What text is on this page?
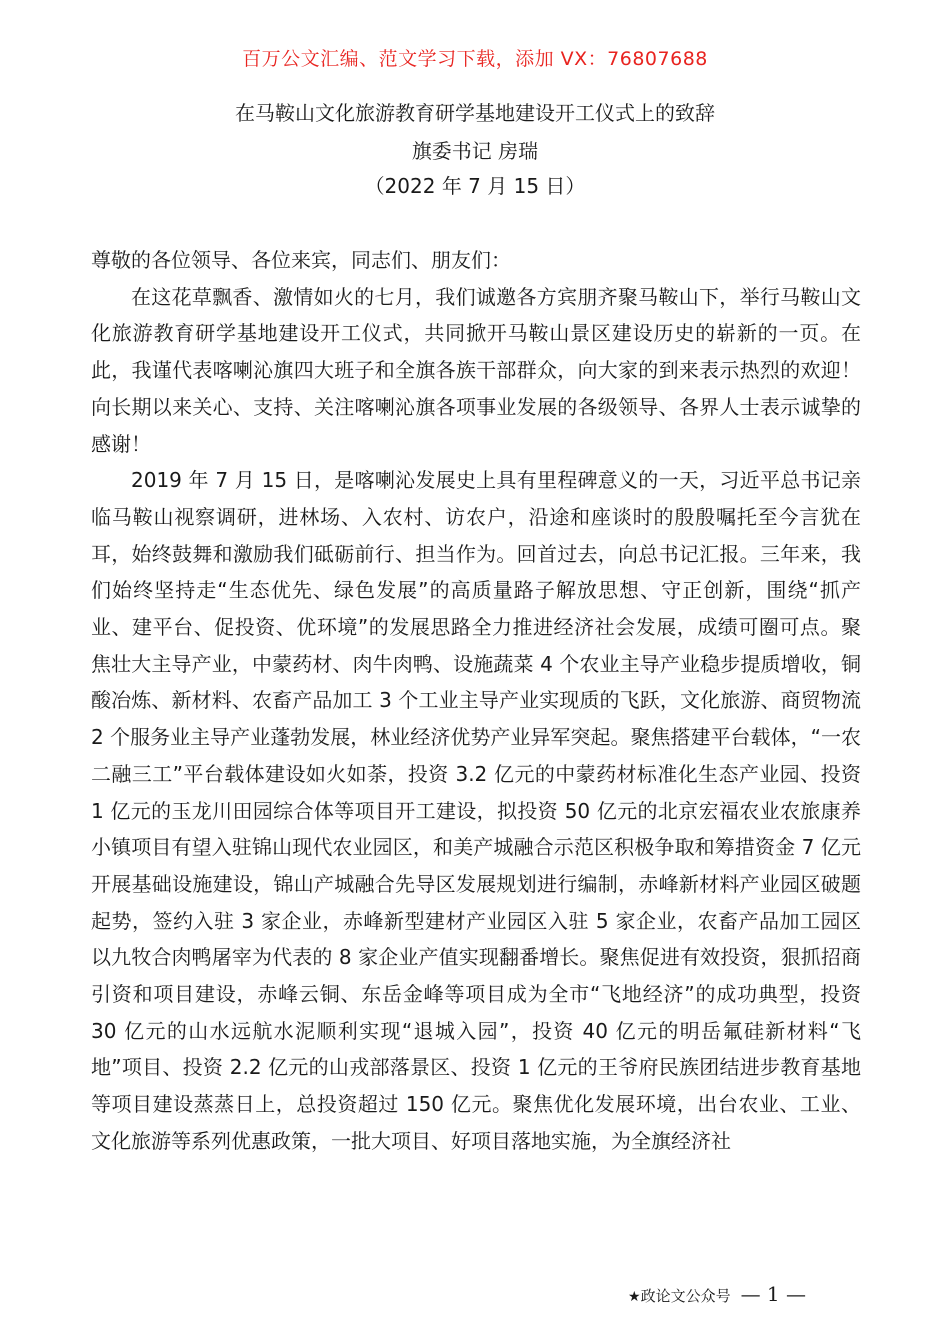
百万公文汇编、范文学习下载，添加 VX：76807688
在马鞍山文化旅游教育研学基地建设开工仪式上的致辞
旗委书记 房瑞
（2022 年 7 月 15 日）

尊敬的各位领导、各位来宾，同志们、朋友们：

在这花草飘香、激情如火的七月，我们诚邀各方宾朋齐聚马鞍山下，举行马鞍山文化旅游教育研学基地建设开工仪式，共同掀开马鞍山景区建设历史的崭新的一页。在此，我谨代表喀喇沁旗四大班子和全旗各族干部群众，向大家的到来表示热烈的欢迎！向长期以来关心、支持、关注喀喇沁旗各项事业发展的各级领导、各界人士表示诚挚的感谢！

2019 年 7 月 15 日，是喀喇沁发展史上具有里程碑意义的一天，习近平总书记亲临马鞍山视察调研，进林场、入农村、访农户，沿途和座谈时的殷殷嘱托至今言犹在耳，始终鼓舞和激励我们砥砺前行、担当作为。回首过去，向总书记汇报。三年来，我们始终坚持走“生态优先、绿色发展”的高质量路子解放思想、守正创新，围绕“抓产业、建平台、促投资、优环境”的发展思路全力推进经济社会发展，成绩可圈可点。聚焦壮大主导产业，中蒙药材、肉牛肉鸭、设施蔬菜 4 个农业主导产业稳步提质增收，铜酸冶炼、新材料、农畜产品加工 3 个工业主导产业实现质的飞跃，文化旅游、商贸物流 2 个服务业主导产业蓬勃发展，林业经济优势产业异军突起。聚焦搭建平台载体，“一农二融三工”平台载体建设如火如荼，投资 3.2 亿元的中蒙药材标准化生态产业园、投资 1 亿元的玉龙川田园综合体等项目开工建设，拟投资 50 亿元的北京宏福农业农旅康养小镇项目有望入驻锦山现代农业园区，和美产城融合示范区积极争取和筹措资金 7 亿元开展基础设施建设，锦山产城融合先导区发展规划进行编制，赤峰新材料产业园区破题起势，签约入驻 3 家企业，赤峰新型建材产业园区入驻 5 家企业，农畜产品加工园区以九牧合肉鸭屠宰为代表的 8 家企业产值实现翻番增长。聚焦促进有效投资，狠抓招商引资和项目建设，赤峰云铜、东岳金峰等项目成为全市“飞地经济”的成功典型，投资 30 亿元的山水远航水泥顺利实现“退城入园”，投资 40 亿元的明岳氟硅新材料“飞地”项目、投资 2.2 亿元的山戎部落景区、投资 1 亿元的王爷府民族团结进步教育基地等项目建设蒸蒸日上，总投资超过 150 亿元。聚焦优化发展环境，出台农业、工业、文化旅游等系列优惠政策，一批大项目、好项目落地实施，为全旗经济社

★政论文公众号 — 1 —
